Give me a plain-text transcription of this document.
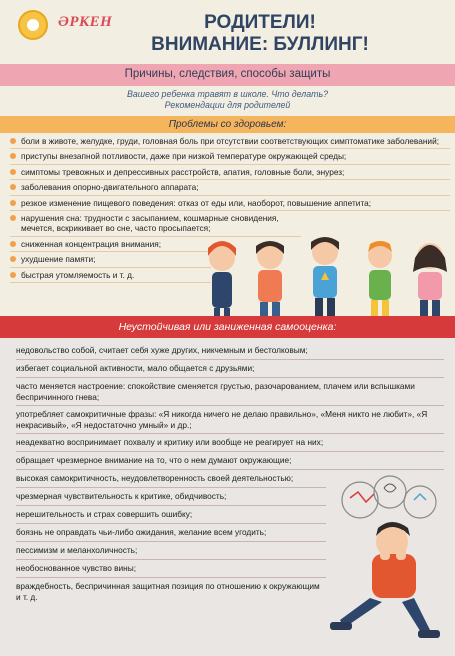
ӘРКЕН	РОДИТЕЛИ!
ВНИМАНИЕ: БУЛЛИНГ!
Причины, следствия, способы защиты
Вашего ребенка травят в школе. Что делать?
Рекомендации для родителей
Проблемы со здоровьем:
боли в животе, желудке, груди, головная боль при отсутствии соответствующих симптоматике заболеваний;
приступы внезапной потливости, даже при низкой температуре окружающей среды;
симптомы тревожных и депрессивных расстройств, апатия, головные боли, энурез;
заболевания опорно-двигательного аппарата;
резкое изменение пищевого поведения: отказ от еды или, наоборот, повышение аппетита;
нарушения сна: трудности с засыпанием, кошмарные сновидения, мечется, вскрикивает во сне, часто просыпается;
сниженная концентрация внимания;
ухудшение памяти;
быстрая утомляемость и т. д.
Неустойчивая или заниженная самооценка:
недовольство собой, считает себя хуже других, никчемным и бестолковым;
избегает социальной активности, мало общается с друзьями;
часто меняется настроение: спокойствие сменяется грустью, разочарованием, плачем или вспышками беспричинного гнева;
употребляет самокритичные фразы: «Я никогда ничего не делаю правильно», «Меня никто не любит», «Я некрасивый», «Я недостаточно умный» и др.;
неадекватно воспринимает похвалу и критику или вообще не реагирует на них;
обращает чрезмерное внимание на то, что о нем думают окружающие;
высокая самокритичность, неудовлетворенность своей деятельностью;
чрезмерная чувствительность к критике, обидчивость;
нерешительность и страх совершить ошибку;
боязнь не оправдать чьи-либо ожидания, желание всем угодить;
пессимизм и меланхоличность;
необоснованное чувство вины;
враждебность, беспричинная защитная позиция по отношению к окружающим и т. д.
